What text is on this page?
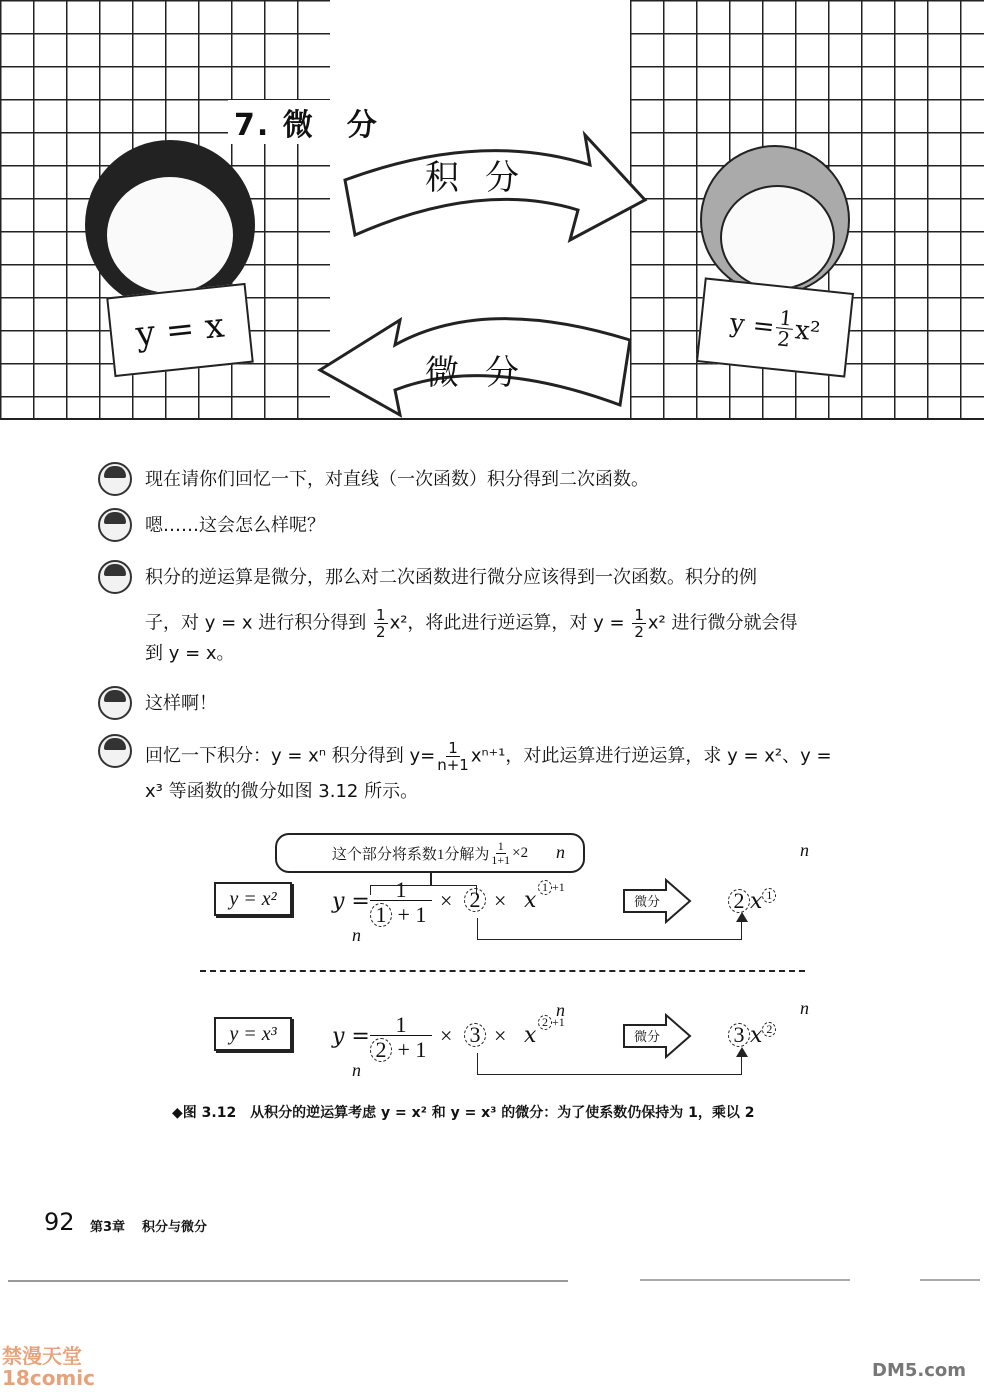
7. 微　分
积分
微分
y = x	y =
$\frac{1}{2}$
x²
现在请你们回忆一下，对直线（一次函数）积分得到二次函数。
嗯……这会怎么样呢？
积分的逆运算是微分，那么对二次函数进行微分应该得到一次函数。积分的例
子，对 y = x 进行积分得到 $\frac{1}{2} x^2$，将此进行逆运算，对 $y = \frac{1}{2} x^2$ 进行微分就会得
到 y = x。
这样啊！
回忆一下积分：y = xⁿ 积分得到 $y= \frac{1}{n+1} x^{n+1}$，对此运算进行逆运算，求 y = x²、y =
x³ 等函数的微分如图 3.12 所示。
这个部分将系数1分解为 $\frac{1}{1+1} \times 2$
y = x²	y =	1
1 + 1
× 2 × x
1 +1
n
n
微分	2 x 1
n
y = x³	y =	1
2 + 1
× 3 × x
2 +1
n
n
微分	3 x 2
n
◆图 3.12　从积分的逆运算考虑 y = x² 和 y = x³ 的微分：为了使系数仍保持为 1，乘以 2
92 第3章 积分与微分
禁漫天堂 18comic	DM5.com
